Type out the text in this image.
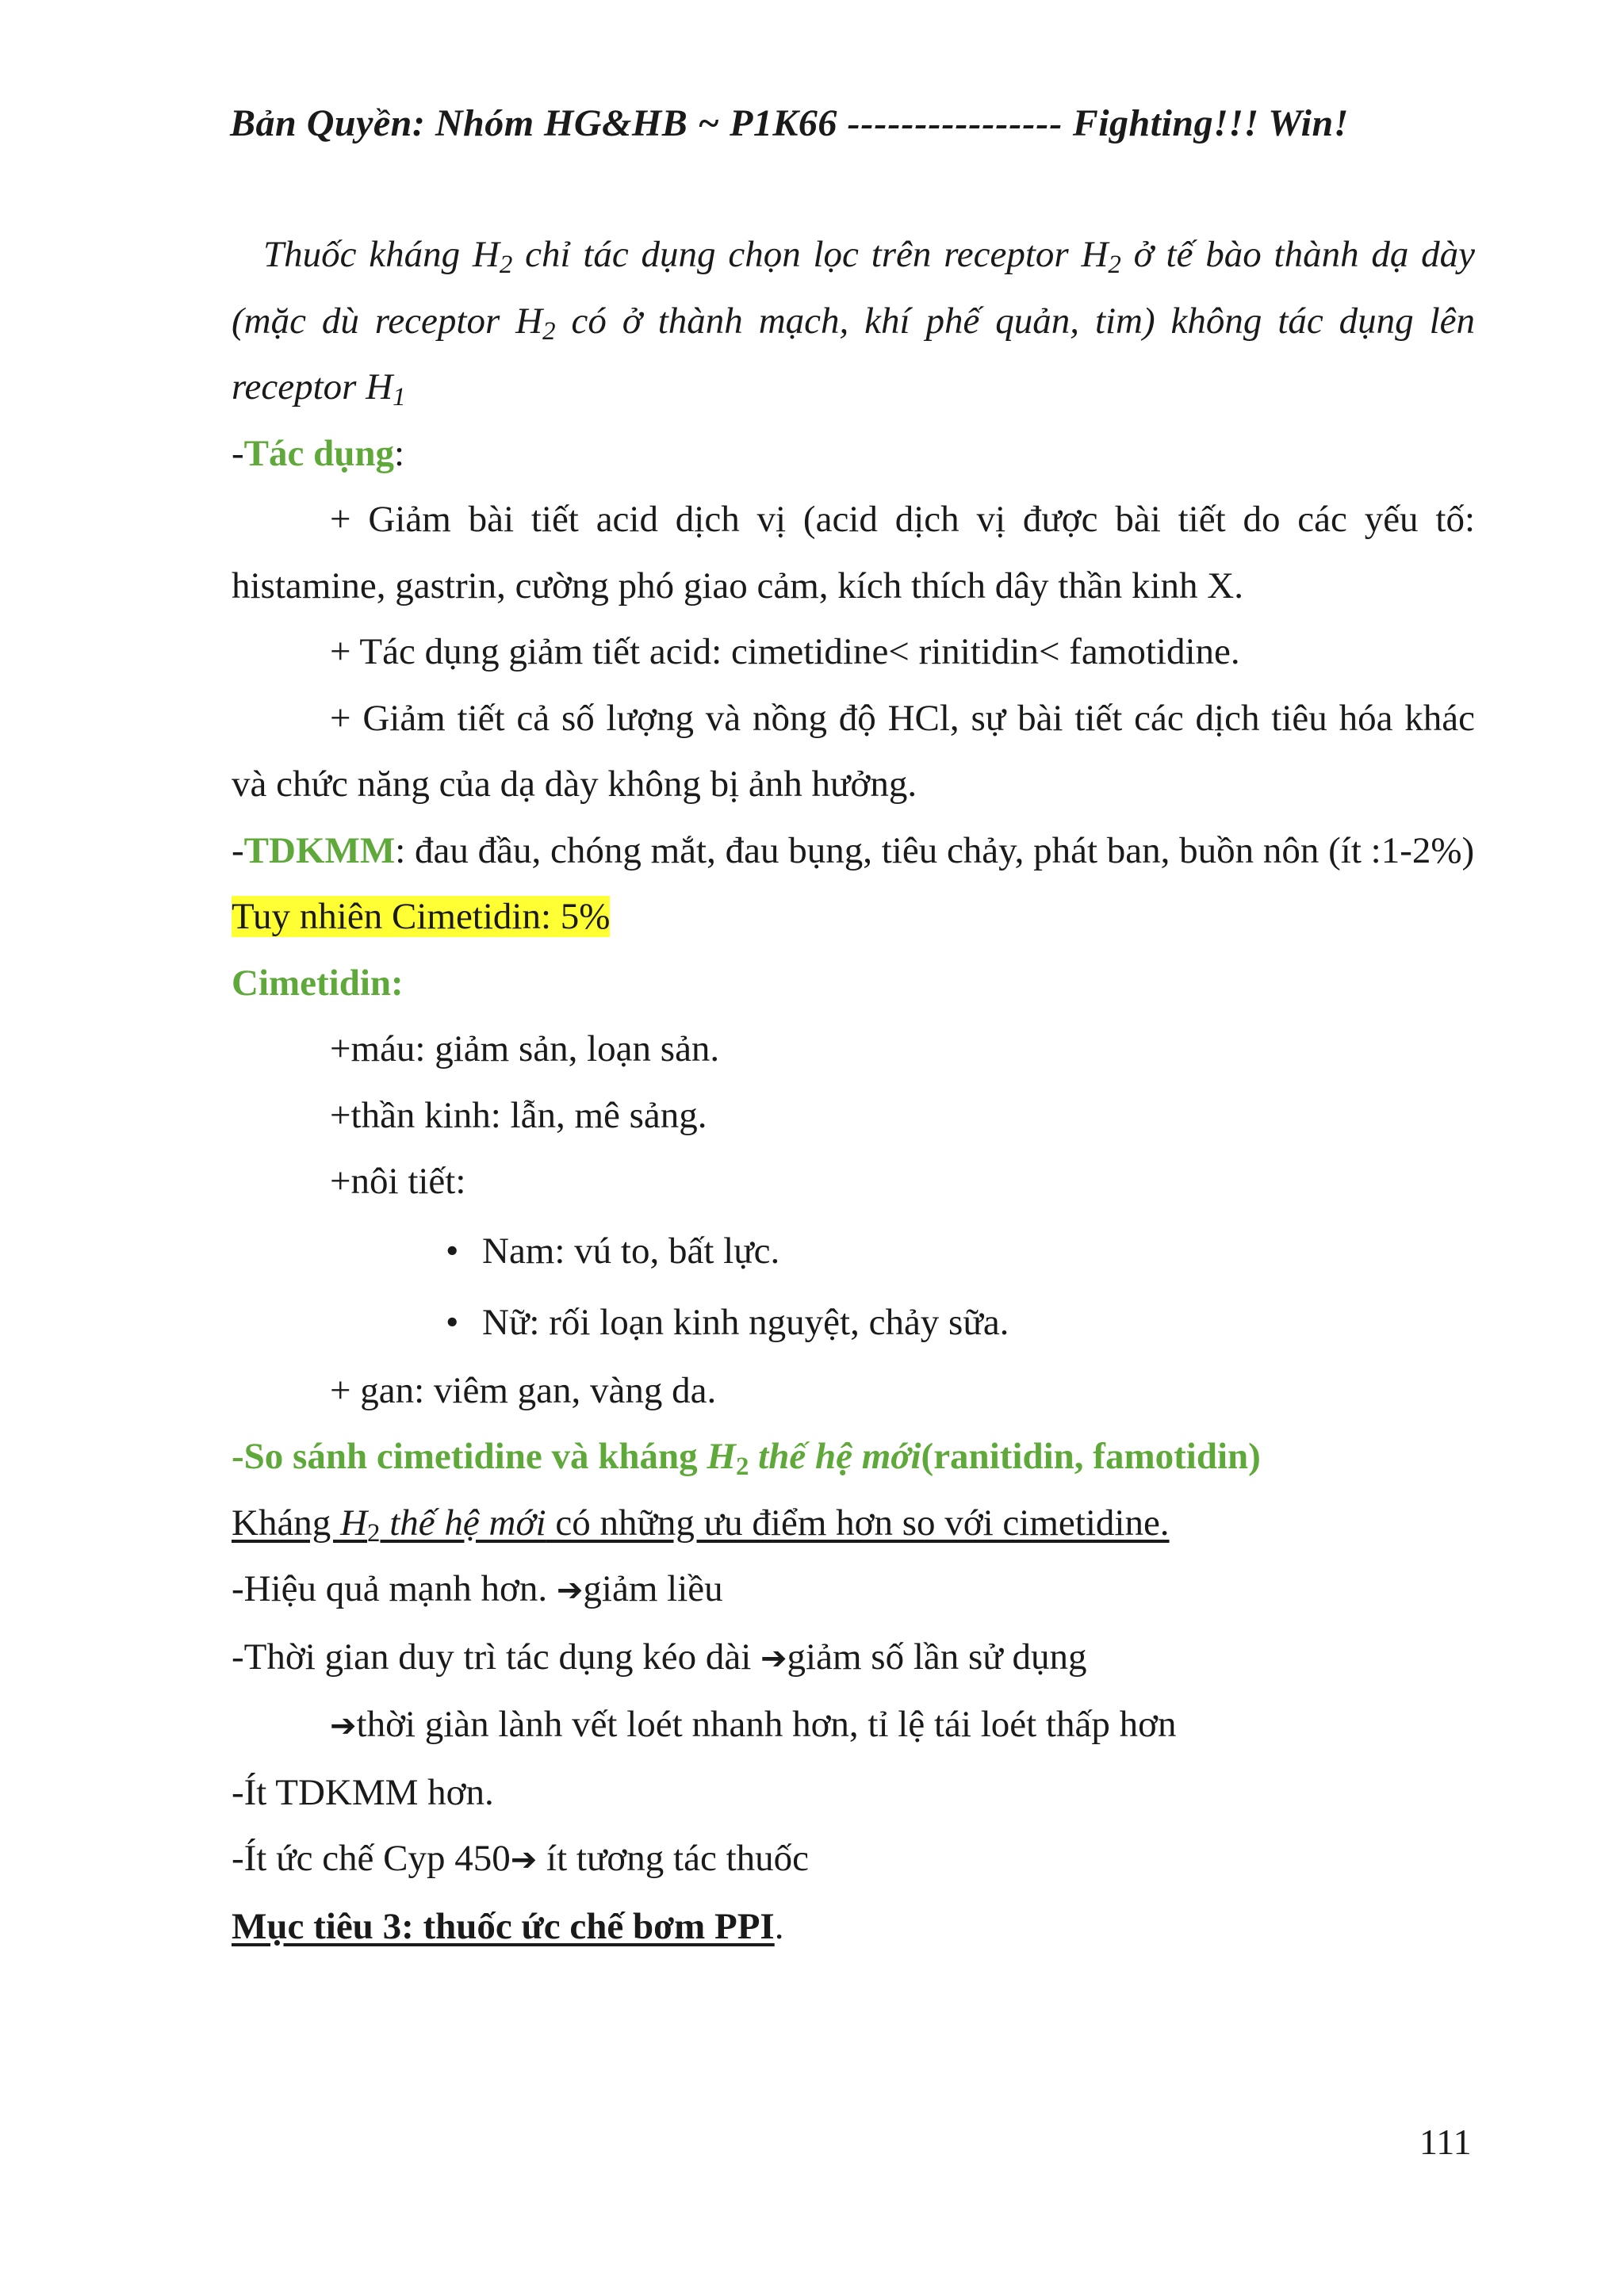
Bản Quyền: Nhóm HG&HB ~ P1K66 ---------------- Fighting!!! Win!

Thuốc kháng $H_2$ chỉ tác dụng chọn lọc trên receptor $H_2$ ở tế bào thành dạ dày (mặc dù receptor $H_2$ có ở thành mạch, khí phế quản, tim) không tác dụng lên receptor $H_1$

-Tác dụng:

+ Giảm bài tiết acid dịch vị (acid dịch vị được bài tiết do các yếu tố: histamine, gastrin, cường phó giao cảm, kích thích dây thần kinh X.

+ Tác dụng giảm tiết acid: cimetidine< rinitidin< famotidine.

+ Giảm tiết cả số lượng và nồng độ HCl, sự bài tiết các dịch tiêu hóa khác và chức năng của dạ dày không bị ảnh hưởng.

-TDKMM: đau đầu, chóng mắt, đau bụng, tiêu chảy, phát ban, buồn nôn (ít :1-2%)

Tuy nhiên Cimetidin: 5%

Cimetidin:

+máu: giảm sản, loạn sản.

+thần kinh: lẫn, mê sảng.

+nôi tiết:

• Nam: vú to, bất lực.
• Nữ: rối loạn kinh nguyệt, chảy sữa.

+ gan: viêm gan, vàng da.

-So sánh cimetidine và kháng $H_2$ thế hệ mới(ranitidin, famotidin)

Kháng $H_2$ thế hệ mới có những ưu điểm hơn so với cimetidine.

-Hiệu quả mạnh hơn. ➔giảm liều

-Thời gian duy trì tác dụng kéo dài ➔giảm số lần sử dụng

➔thời giàn lành vết loét nhanh hơn, tỉ lệ tái loét thấp hơn

-Ít TDKMM hơn.

-Ít ức chế Cyp 450➔ ít tương tác thuốc

Mục tiêu 3: thuốc ức chế bơm PPI.

111
